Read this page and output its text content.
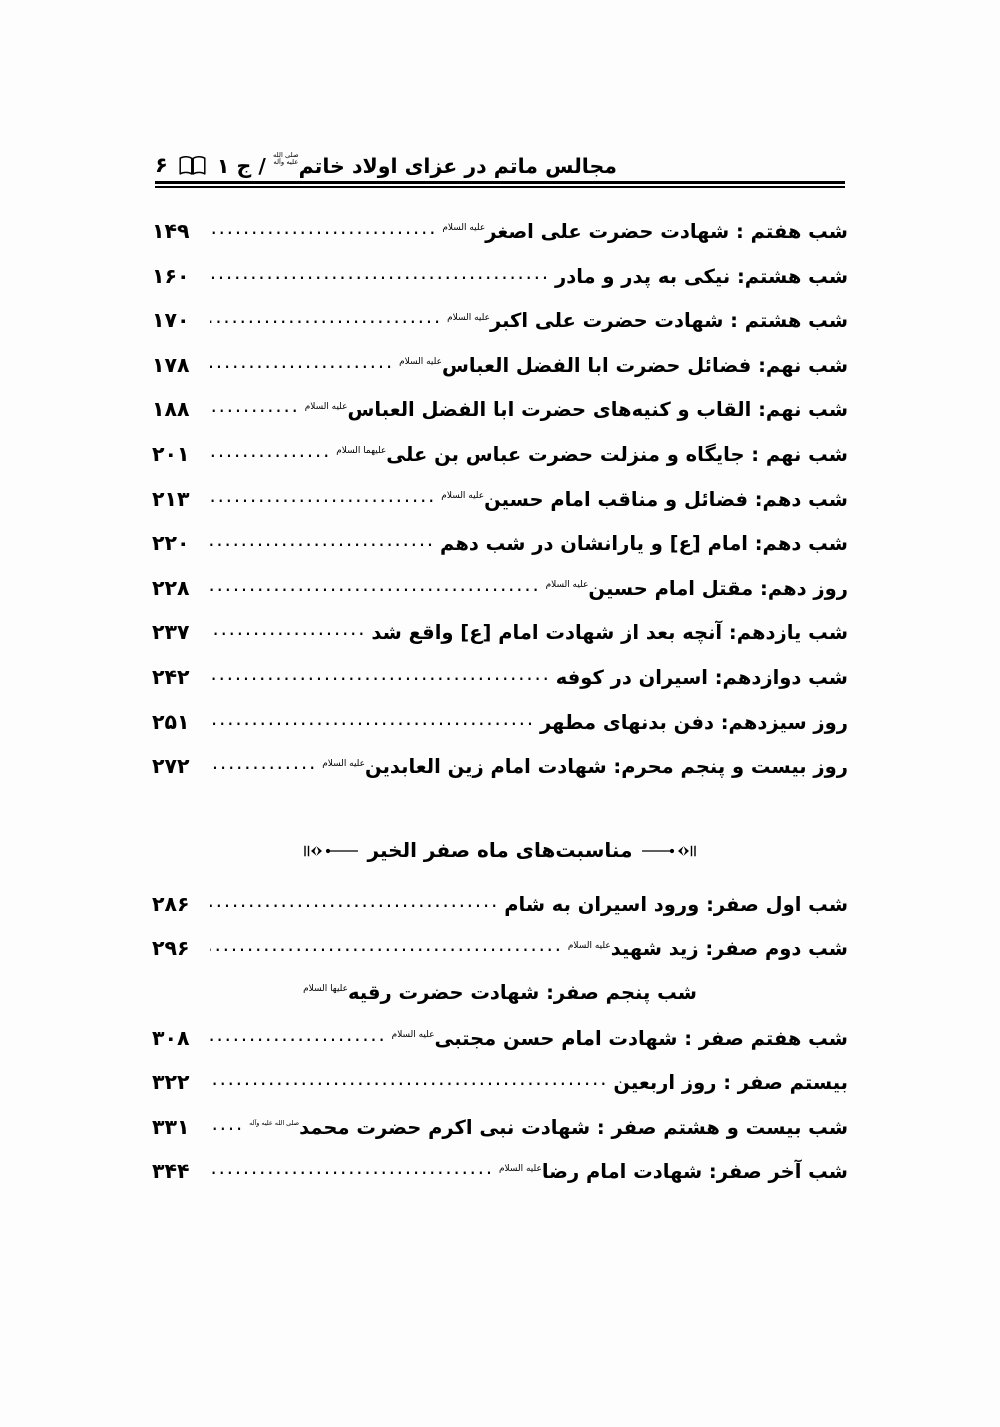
۶	مجالس ماتم در عزای اولاد خاتم
صلی الله
علیه وآله
/ ج ۱
شب هفتم : شهادت حضرت علی اصغرعلیه السلام
.....
۱۴۹
شب هشتم: نیکی به پدر و مادر
.....
۱۶۰
شب هشتم : شهادت حضرت علی اکبرعلیه السلام
.....
۱۷۰
شب نهم: فضائل حضرت ابا الفضل العباسعلیه السلام
.....
۱۷۸
شب نهم: القاب و کنیه‌های حضرت ابا الفضل العباسعلیه السلام
.....
۱۸۸
شب نهم : جایگاه و منزلت حضرت عباس بن علیعلیهما السلام
.....
۲۰۱
شب دهم: فضائل و مناقب امام حسینعلیه السلام
.....
۲۱۳
شب دهم: امام [ع] و یارانشان در شب دهم
.....
۲۲۰
روز دهم: مقتل امام حسینعلیه السلام
.....
۲۲۸
شب یازدهم: آنچه بعد از شهادت امام [ع] واقع شد
.....
۲۳۷
شب دوازدهم: اسیران در کوفه
.....
۲۴۲
روز سیزدهم: دفن بدنهای مطهر
.....
۲۵۱
روز بیست و پنجم محرم: شهادت امام زین العابدینعلیه السلام
.....
۲۷۲
مناسبت‌های ماه صفر الخیر
شب اول صفر: ورود اسیران به شام
.....
۲۸۶
شب دوم صفر: زید شهیدعلیه السلام
.....
۲۹۶
شب پنجم صفر: شهادت حضرت رقیهعلیها السلام
شب هفتم صفر : شهادت امام حسن مجتبیعلیه السلام
.....
۳۰۸
بیستم صفر : روز اربعین
.....
۳۲۲
شب بیست و هشتم صفر : شهادت نبی اکرم حضرت محمدصلی الله علیه وآله
.....
۳۳۱
شب آخر صفر: شهادت امام رضاعلیه السلام
.....
۳۴۴
